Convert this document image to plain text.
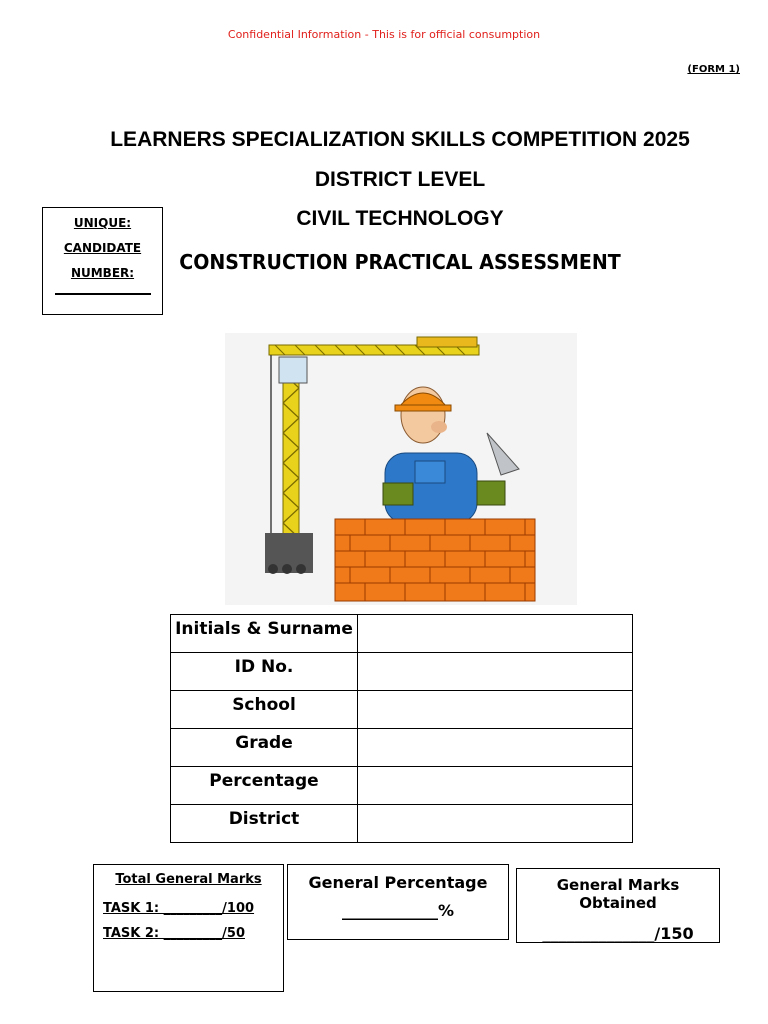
Confidential Information - This is for official consumption
(FORM 1)
LEARNERS SPECIALIZATION SKILLS COMPETITION 2025
DISTRICT LEVEL
CIVIL TECHNOLOGY
CONSTRUCTION PRACTICAL ASSESSMENT
UNIQUE:
CANDIDATE
NUMBER:
Initials & Surname	
ID No.	
School	
Grade	
Percentage	
District	
Total General Marks
TASK 1: _________/100
TASK 2: _________/50
General Percentage
____________%
General Marks Obtained
______________/150
